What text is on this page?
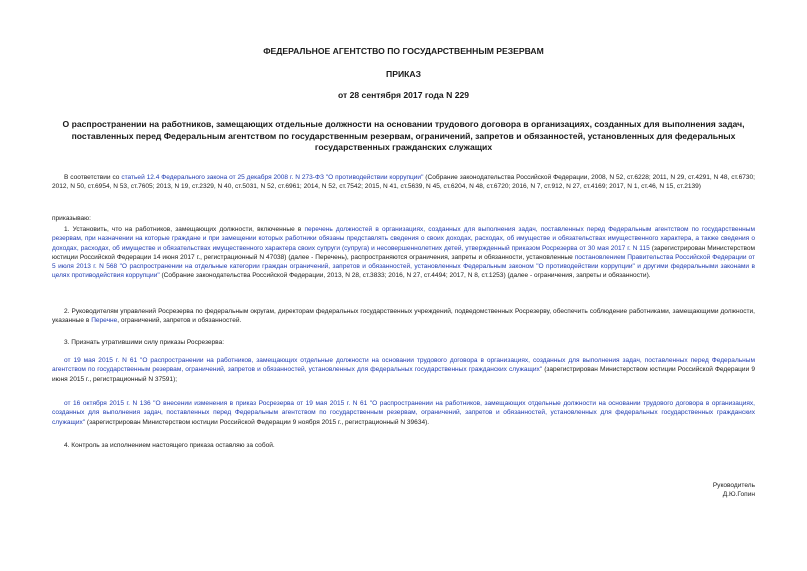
ФЕДЕРАЛЬНОЕ АГЕНТСТВО ПО ГОСУДАРСТВЕННЫМ РЕЗЕРВАМ

ПРИКАЗ

от 28 сентября 2017 года N 229

О распространении на работников, замещающих отдельные должности на основании трудового договора в организациях, созданных для выполнения задач, поставленных перед Федеральным агентством по государственным резервам, ограничений, запретов и обязанностей, установленных для федеральных государственных гражданских служащих

В соответствии со статьей 12.4 Федерального закона от 25 декабря 2008 г. N 273-ФЗ "О противодействии коррупции" (Собрание законодательства Российской Федерации, 2008, N 52, ст.6228; 2011, N 29, ст.4291, N 48, ст.6730; 2012, N 50, ст.6954, N 53, ст.7605; 2013, N 19, ст.2329, N 40, ст.5031, N 52, ст.6961; 2014, N 52, ст.7542; 2015, N 41, ст.5639, N 45, ст.6204, N 48, ст.6720; 2016, N 7, ст.912, N 27, ст.4169; 2017, N 1, ст.46, N 15, ст.2139)

приказываю:

1. Установить, что на работников, замещающих должности, включенные в перечень должностей в организациях, созданных для выполнения задач, поставленных перед Федеральным агентством по государственным резервам, при назначении на которые граждане и при замещении которых работники обязаны представлять сведения о своих доходах, расходах, об имуществе и обязательствах имущественного характера, а также сведения о доходах, расходах, об имуществе и обязательствах имущественного характера своих супруги (супруга) и несовершеннолетних детей, утвержденный приказом Росрезерва от 30 мая 2017 г. N 115 (зарегистрирован Министерством юстиции Российской Федерации 14 июня 2017 г., регистрационный N 47038) (далее - Перечень), распространяются ограничения, запреты и обязанности, установленные постановлением Правительства Российской Федерации от 5 июля 2013 г. N 568 "О распространении на отдельные категории граждан ограничений, запретов и обязанностей, установленных Федеральным законом "О противодействии коррупции" и другими федеральными законами в целях противодействия коррупции" (Собрание законодательства Российской Федерации, 2013, N 28, ст.3833; 2016, N 27, ст.4494; 2017, N 8, ст.1253) (далее - ограничения, запреты и обязанности).

2. Руководителям управлений Росрезерва по федеральным округам, директорам федеральных государственных учреждений, подведомственных Росрезерву, обеспечить соблюдение работниками, замещающими должности, указанные в Перечне, ограничений, запретов и обязанностей.

3. Признать утратившими силу приказы Росрезерва:

от 19 мая 2015 г. N 61 "О распространении на работников, замещающих отдельные должности на основании трудового договора в организациях, созданных для выполнения задач, поставленных перед Федеральным агентством по государственным резервам, ограничений, запретов и обязанностей, установленных для федеральных государственных гражданских служащих" (зарегистрирован Министерством юстиции Российской Федерации 9 июня 2015 г., регистрационный N 37591);

от 16 октября 2015 г. N 136 "О внесении изменения в приказ Росрезерва от 19 мая 2015 г. N 61 "О распространении на работников, замещающих отдельные должности на основании трудового договора в организациях, созданных для выполнения задач, поставленных перед Федеральным агентством по государственным резервам, ограничений, запретов и обязанностей, установленных для федеральных государственных гражданских служащих" (зарегистрирован Министерством юстиции Российской Федерации 9 ноября 2015 г., регистрационный N 39634).

4. Контроль за исполнением настоящего приказа оставляю за собой.

Руководитель
Д.Ю.Гопин
